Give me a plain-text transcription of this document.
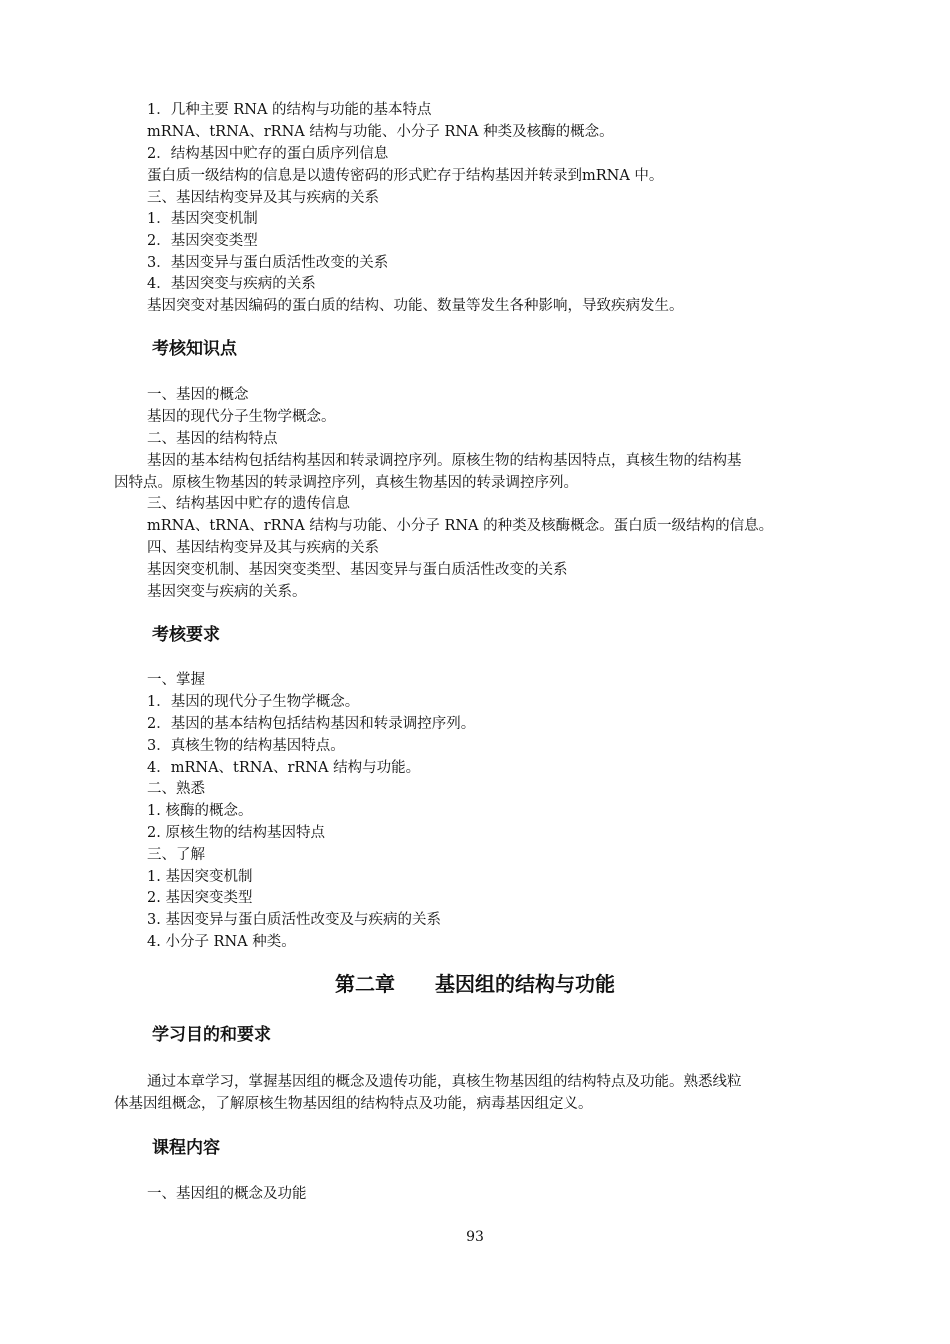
1．几种主要 RNA 的结构与功能的基本特点

mRNA、tRNA、rRNA 结构与功能、小分子 RNA 种类及核酶的概念。

2．结构基因中贮存的蛋白质序列信息

蛋白质一级结构的信息是以遗传密码的形式贮存于结构基因并转录到mRNA 中。

三、基因结构变异及其与疾病的关系

1．基因突变机制

2．基因突变类型

3．基因变异与蛋白质活性改变的关系

4．基因突变与疾病的关系

基因突变对基因编码的蛋白质的结构、功能、数量等发生各种影响，导致疾病发生。

考核知识点

一、基因的概念

基因的现代分子生物学概念。

二、基因的结构特点

基因的基本结构包括结构基因和转录调控序列。原核生物的结构基因特点，真核生物的结构基

因特点。原核生物基因的转录调控序列，真核生物基因的转录调控序列。

三、结构基因中贮存的遗传信息

mRNA、tRNA、rRNA 结构与功能、小分子 RNA 的种类及核酶概念。蛋白质一级结构的信息。

四、基因结构变异及其与疾病的关系

基因突变机制、基因突变类型、基因变异与蛋白质活性改变的关系

基因突变与疾病的关系。

考核要求

一、掌握

1．基因的现代分子生物学概念。

2．基因的基本结构包括结构基因和转录调控序列。

3．真核生物的结构基因特点。

4．mRNA、tRNA、rRNA 结构与功能。

二、熟悉

1. 核酶的概念。

2. 原核生物的结构基因特点

三、了解

1. 基因突变机制

2. 基因突变类型

3. 基因变异与蛋白质活性改变及与疾病的关系

4. 小分子 RNA 种类。

第二章　　基因组的结构与功能
学习目的和要求

通过本章学习，掌握基因组的概念及遗传功能，真核生物基因组的结构特点及功能。熟悉线粒

体基因组概念，了解原核生物基因组的结构特点及功能，病毒基因组定义。

课程内容

一、基因组的概念及功能

93
